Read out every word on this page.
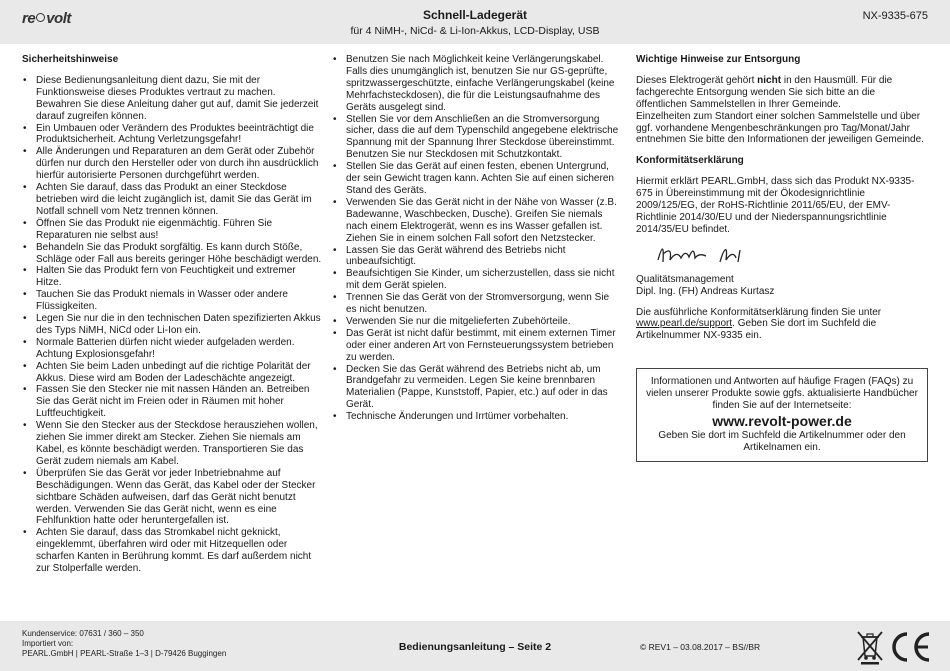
re volt	Schnell-Ladegerät
für 4 NiMH-, NiCd- & Li-Ion-Akkus, LCD-Display, USB
NX-9335-675
Sicherheitshinweise
• Diese Bedienungsanleitung dient dazu, Sie mit der Funktionsweise dieses Produktes vertraut zu machen. Bewahren Sie diese Anleitung daher gut auf, damit Sie jederzeit darauf zugreifen können.
• Ein Umbauen oder Verändern des Produktes beeinträchtigt die Produktsicherheit. Achtung Verletzungsgefahr!
• Alle Änderungen und Reparaturen an dem Gerät oder Zubehör dürfen nur durch den Hersteller oder von durch ihn ausdrücklich hierfür autorisierte Personen durchgeführt werden.
• Achten Sie darauf, dass das Produkt an einer Steckdose betrieben wird die leicht zugänglich ist, damit Sie das Gerät im Notfall schnell vom Netz trennen können.
• Öffnen Sie das Produkt nie eigenmächtig. Führen Sie Reparaturen nie selbst aus!
• Behandeln Sie das Produkt sorgfältig. Es kann durch Stöße, Schläge oder Fall aus bereits geringer Höhe beschädigt werden.
• Halten Sie das Produkt fern von Feuchtigkeit und extremer Hitze.
• Tauchen Sie das Produkt niemals in Wasser oder andere Flüssigkeiten.
• Legen Sie nur die in den technischen Daten spezifizierten Akkus des Typs NiMH, NiCd oder Li-Ion ein.
• Normale Batterien dürfen nicht wieder aufgeladen werden. Achtung Explosionsgefahr!
• Achten Sie beim Laden unbedingt auf die richtige Polarität der Akkus. Diese wird am Boden der Ladeschächte angezeigt.
• Fassen Sie den Stecker nie mit nassen Händen an. Betreiben Sie das Gerät nicht im Freien oder in Räumen mit hoher Luftfeuchtigkeit.
• Wenn Sie den Stecker aus der Steckdose herausziehen wollen, ziehen Sie immer direkt am Stecker. Ziehen Sie niemals am Kabel, es könnte beschädigt werden. Transportieren Sie das Gerät zudem niemals am Kabel.
• Überprüfen Sie das Gerät vor jeder Inbetriebnahme auf Beschädigungen. Wenn das Gerät, das Kabel oder der Stecker sichtbare Schäden aufweisen, darf das Gerät nicht benutzt werden. Verwenden Sie das Gerät nicht, wenn es eine Fehlfunktion hatte oder heruntergefallen ist.
• Achten Sie darauf, dass das Stromkabel nicht geknickt, eingeklemmt, überfahren wird oder mit Hitzequellen oder scharfen Kanten in Berührung kommt. Es darf außerdem nicht zur Stolperfalle werden.
• Benutzen Sie nach Möglichkeit keine Verlängerungskabel. Falls dies unumgänglich ist, benutzen Sie nur GS-geprüfte, spritzwassergeschützte, einfache Verlängerungskabel (keine Mehrfachsteckdosen), die für die Leistungsaufnahme des Geräts ausgelegt sind.
• Stellen Sie vor dem Anschließen an die Stromversorgung sicher, dass die auf dem Typenschild angegebene elektrische Spannung mit der Spannung Ihrer Steckdose übereinstimmt. Benutzen Sie nur Steckdosen mit Schutzkontakt.
• Stellen Sie das Gerät auf einen festen, ebenen Untergrund, der sein Gewicht tragen kann. Achten Sie auf einen sicheren Stand des Geräts.
• Verwenden Sie das Gerät nicht in der Nähe von Wasser (z.B. Badewanne, Waschbecken, Dusche). Greifen Sie niemals nach einem Elektrogerät, wenn es ins Wasser gefallen ist. Ziehen Sie in einem solchen Fall sofort den Netzstecker.
• Lassen Sie das Gerät während des Betriebs nicht unbeaufsichtigt.
• Beaufsichtigen Sie Kinder, um sicherzustellen, dass sie nicht mit dem Gerät spielen.
• Trennen Sie das Gerät von der Stromversorgung, wenn Sie es nicht benutzen.
• Verwenden Sie nur die mitgelieferten Zubehörteile.
• Das Gerät ist nicht dafür bestimmt, mit einem externen Timer oder einer anderen Art von Fernsteuerungssystem betrieben zu werden.
• Decken Sie das Gerät während des Betriebs nicht ab, um Brandgefahr zu vermeiden. Legen Sie keine brennbaren Materialien (Pappe, Kunststoff, Papier, etc.) auf oder in das Gerät.
• Technische Änderungen und Irrtümer vorbehalten.
Wichtige Hinweise zur Entsorgung
Dieses Elektrogerät gehört nicht in den Hausmüll. Für die fachgerechte Entsorgung wenden Sie sich bitte an die öffentlichen Sammelstellen in Ihrer Gemeinde.
Einzelheiten zum Standort einer solchen Sammelstelle und über ggf. vorhandene Mengenbeschränkungen pro Tag/Monat/Jahr entnehmen Sie bitte den Informationen der jeweiligen Gemeinde.
Konformitätserklärung
Hiermit erklärt PEARL.GmbH, dass sich das Produkt NX-9335-675 in Übereinstimmung mit der Ökodesignrichtlinie 2009/125/EG, der RoHS-Richtlinie 2011/65/EU, der EMV-Richtlinie 2014/30/EU und der Niederspannungsrichtlinie 2014/35/EU befindet.
Qualitätsmanagement
Dipl. Ing. (FH) Andreas Kurtasz
Die ausführliche Konformitätserklärung finden Sie unter www.pearl.de/support. Geben Sie dort im Suchfeld die Artikelnummer NX-9335 ein.
Informationen und Antworten auf häufige Fragen (FAQs) zu vielen unserer Produkte sowie ggfs. aktualisierte Handbücher finden Sie auf der Internetseite:
www.revolt-power.de
Geben Sie dort im Suchfeld die Artikelnummer oder den Artikelnamen ein.
Kundenservice: 07631 / 360 – 350
Importiert von:
PEARL.GmbH | PEARL-Straße 1–3 | D-79426 Buggingen
Bedienungsanleitung – Seite 2	© REV1 – 03.08.2017 – BS//BR
